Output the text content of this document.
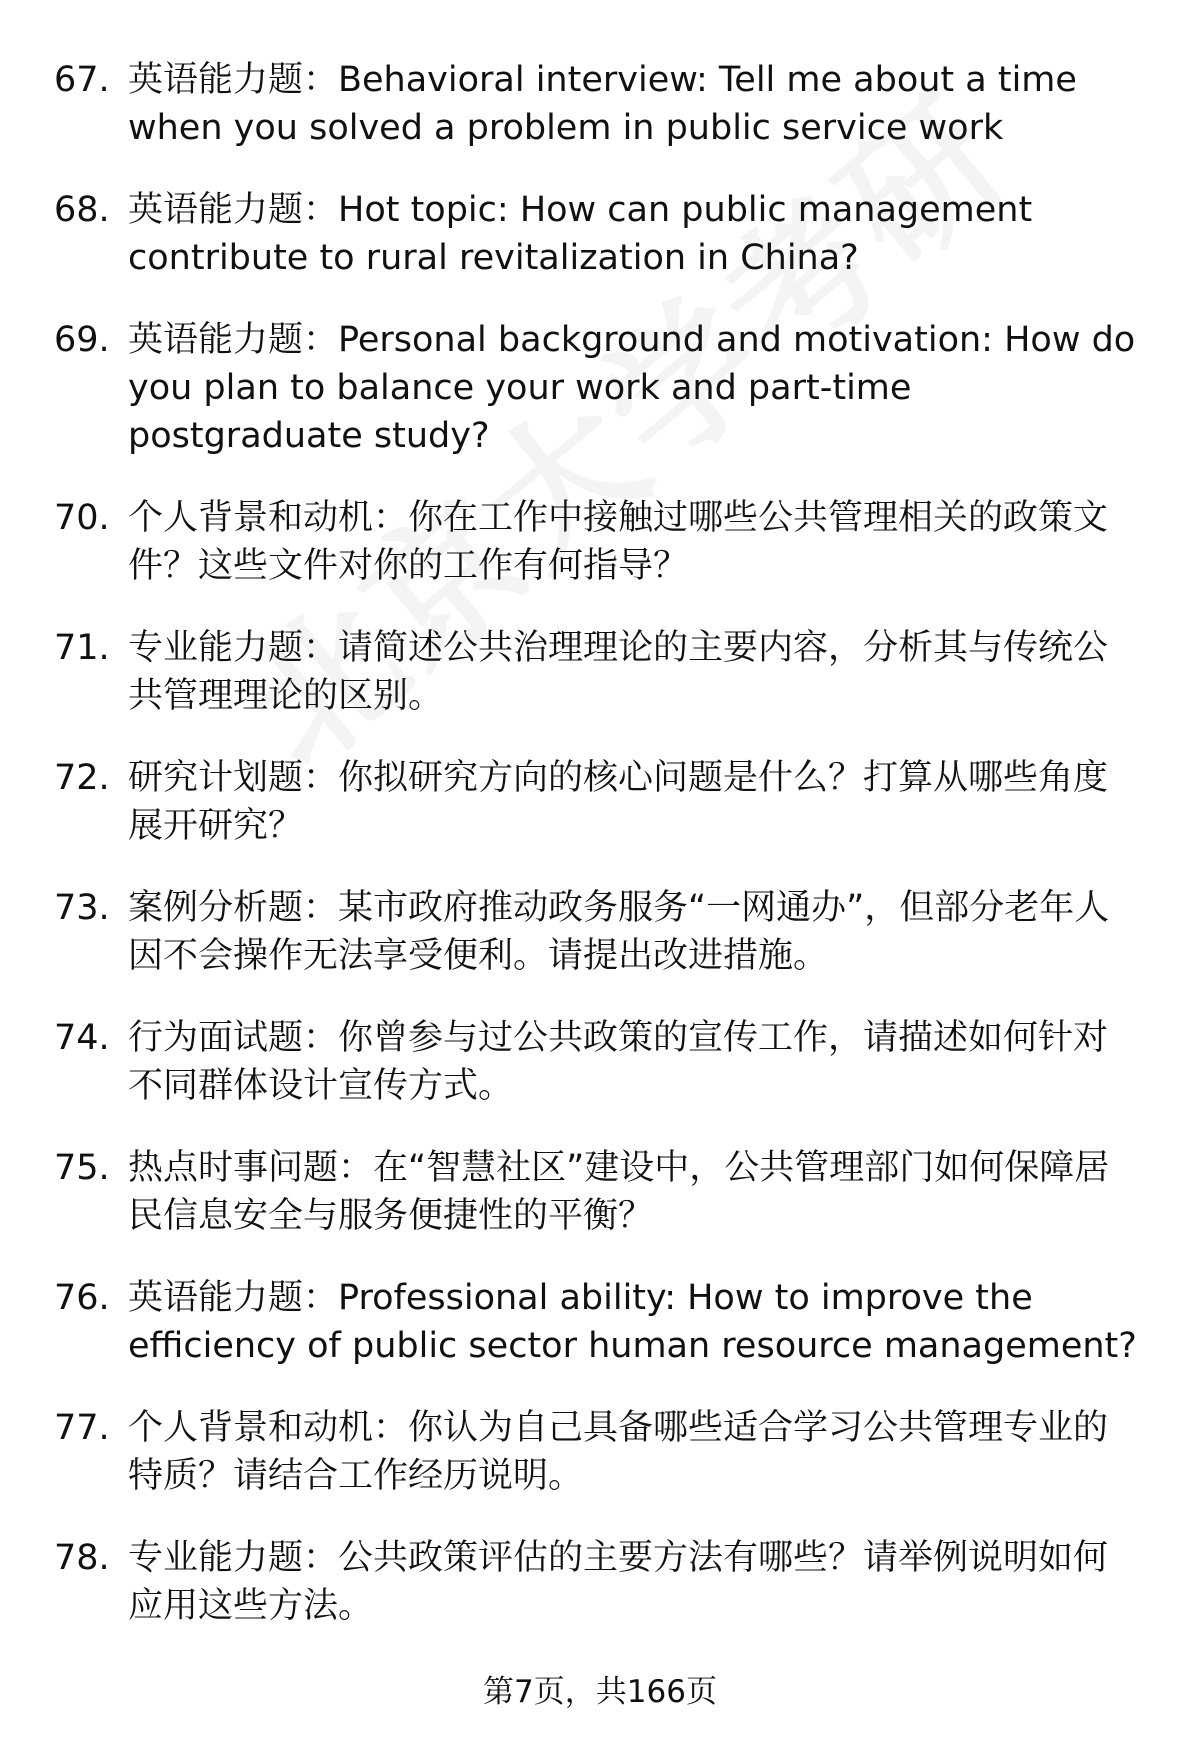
67. 英语能力题：Behavioral interview: Tell me about a time when you solved a problem in public service work
68. 英语能力题：Hot topic: How can public management contribute to rural revitalization in China?
69. 英语能力题：Personal background and motivation: How do you plan to balance your work and part-time postgraduate study?
70. 个人背景和动机：你在工作中接触过哪些公共管理相关的政策文件？这些文件对你的工作有何指导？
71. 专业能力题：请简述公共治理理论的主要内容，分析其与传统公共管理理论的区别。
72. 研究计划题：你拟研究方向的核心问题是什么？打算从哪些角度展开研究？
73. 案例分析题：某市政府推动政务服务“一网通办”，但部分老年人因不会操作无法享受便利。请提出改进措施。
74. 行为面试题：你曾参与过公共政策的宣传工作，请描述如何针对不同群体设计宣传方式。
75. 热点时事问题：在“智慧社区”建设中，公共管理部门如何保障居民信息安全与服务便捷性的平衡？
76. 英语能力题：Professional ability: How to improve the efficiency of public sector human resource management?
77. 个人背景和动机：你认为自己具备哪些适合学习公共管理专业的特质？请结合工作经历说明。
78. 专业能力题：公共政策评估的主要方法有哪些？请举例说明如何应用这些方法。
第7页，共166页
